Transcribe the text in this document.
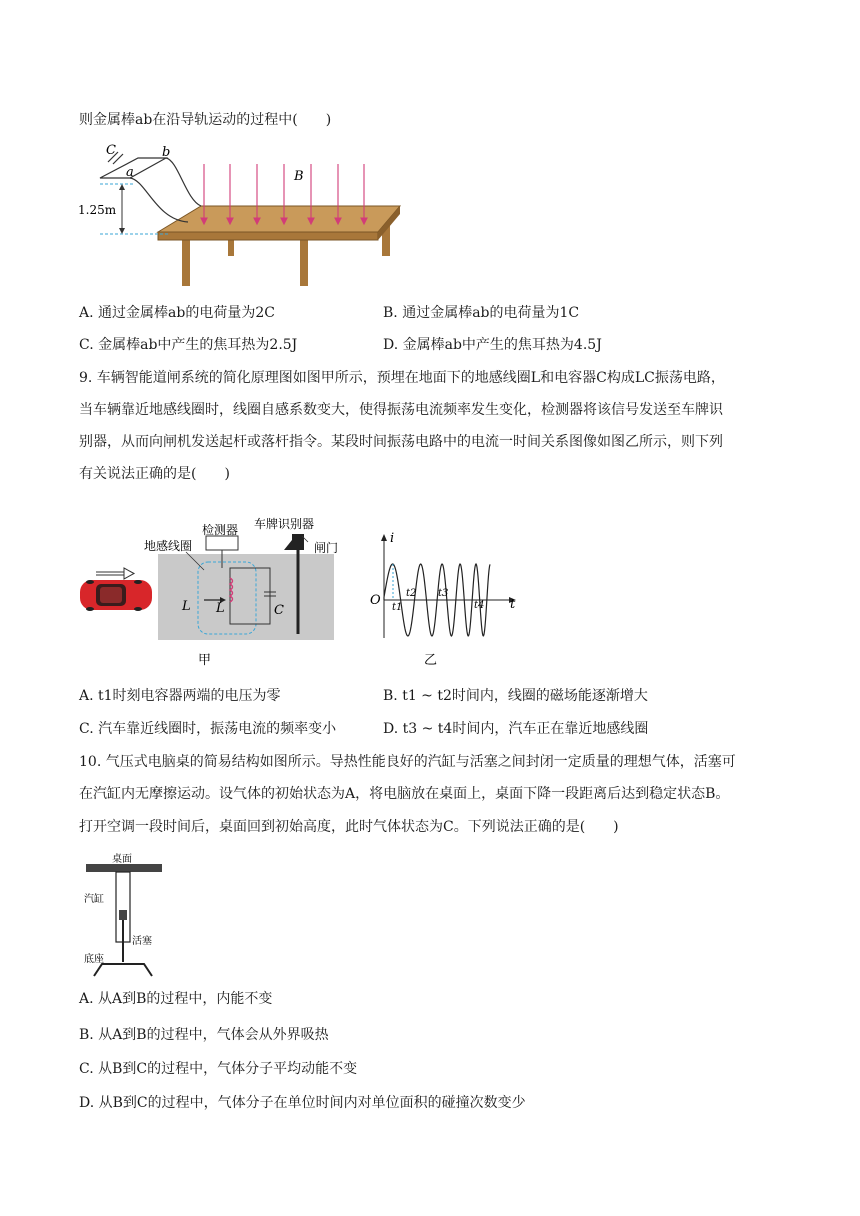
则金属棒ab在沿导轨运动的过程中(　　)
C
a
b
1.25m
B
A. 通过金属棒ab的电荷量为2C	B. 通过金属棒ab的电荷量为1C
C. 金属棒ab中产生的焦耳热为2.5J	D. 金属棒ab中产生的焦耳热为4.5J
9. 车辆智能道闸系统的简化原理图如图甲所示，预埋在地面下的地感线圈L和电容器C构成LC振荡电路，
当车辆靠近地感线圈时，线圈自感系数变大，使得振荡电流频率发生变化，检测器将该信号发送至车牌识
别器，从而向闸机发送起杆或落杆指令。某段时间振荡电路中的电流一时间关系图像如图乙所示，则下列
有关说法正确的是(　　)
检测器 车牌识别器
闸门
地感线圈
L L	C
甲
i
t
O t1
t2 t3
t4
乙
A. t1时刻电容器两端的电压为零	B. t1 ~ t2时间内，线圈的磁场能逐渐增大
C. 汽车靠近线圈时，振荡电流的频率变小	D. t3 ~ t4时间内，汽车正在靠近地感线圈
10. 气压式电脑桌的简易结构如图所示。导热性能良好的汽缸与活塞之间封闭一定质量的理想气体，活塞可
在汽缸内无摩擦运动。设气体的初始状态为A，将电脑放在桌面上，桌面下降一段距离后达到稳定状态B。
打开空调一段时间后，桌面回到初始高度，此时气体状态为C。下列说法正确的是(　　)
桌面
汽缸
活塞
底座
A. 从A到B的过程中，内能不变
B. 从A到B的过程中，气体会从外界吸热
C. 从B到C的过程中，气体分子平均动能不变
D. 从B到C的过程中，气体分子在单位时间内对单位面积的碰撞次数变少
